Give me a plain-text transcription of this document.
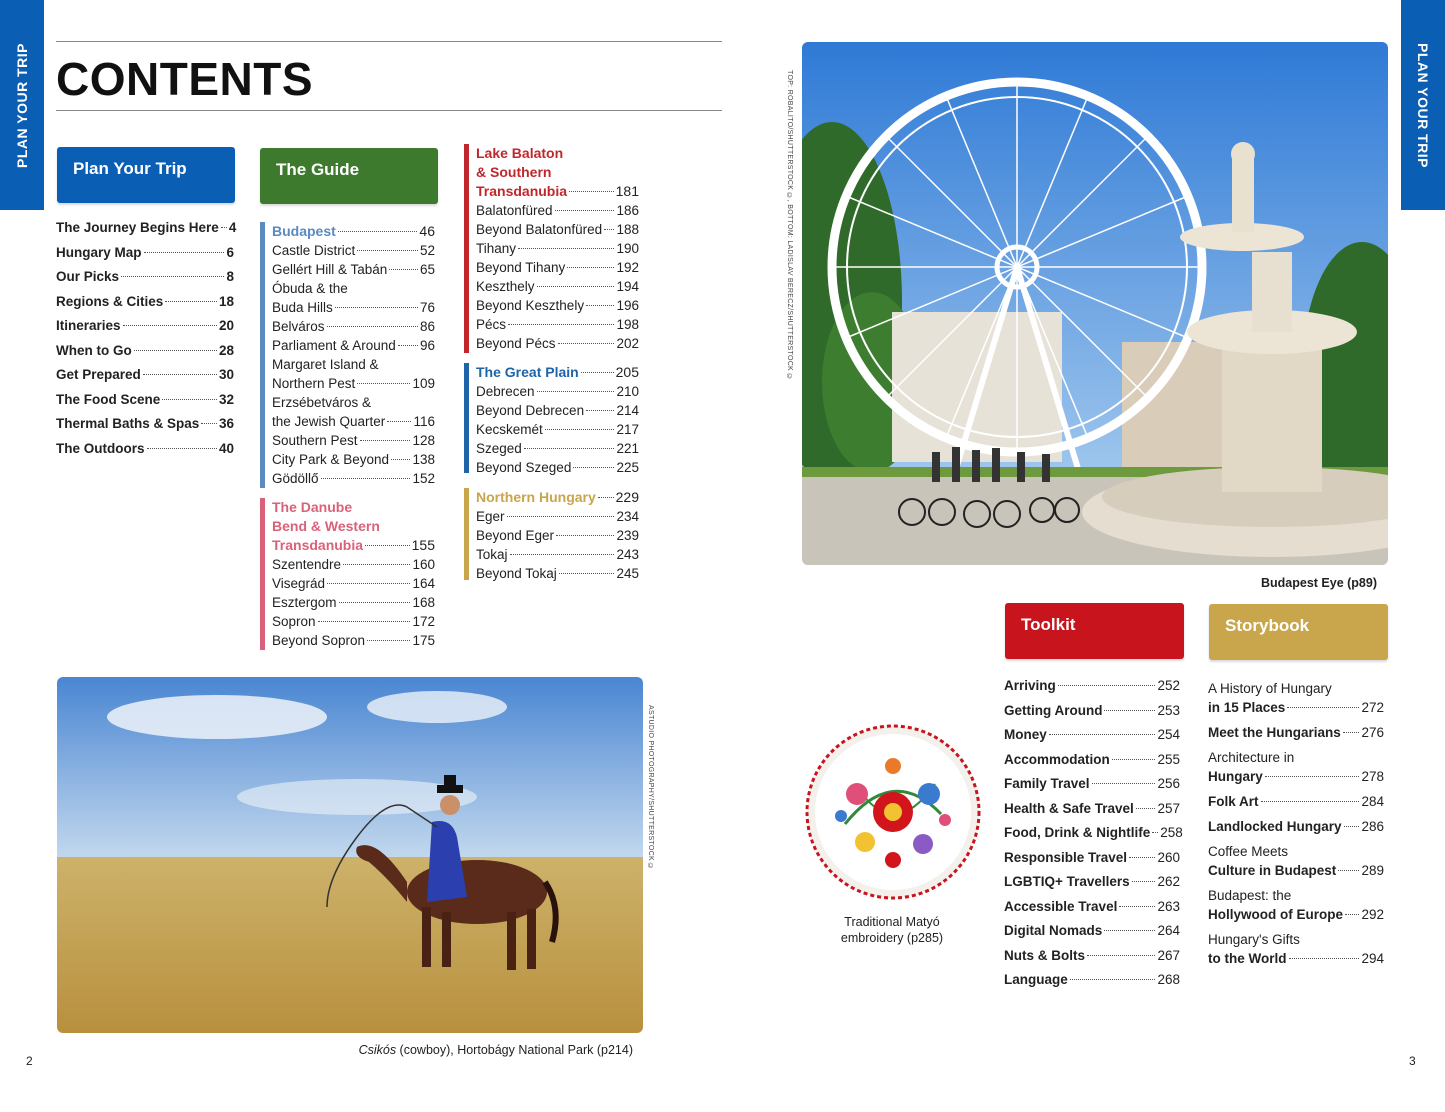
PLAN YOUR TRIP	PLAN YOUR TRIP
CONTENTS
Plan Your Trip
The Journey Begins Here 4
Hungary Map	6
Our Picks	8
Regions & Cities	18
Itineraries	20
When to Go	28
Get Prepared	30
The Food Scene	32
Thermal Baths & Spas 36
The Outdoors	40
The Guide
Budapest	46
Castle District	52
Gellért Hill & Tabán 65
Óbuda & the
Buda Hills	76
Belváros	86
Parliament & Around 96
Margaret Island &
Northern Pest	109
Erzsébetváros &
the Jewish Quarter 116
Southern Pest	128
City Park & Beyond 138
Gödöllő	152
The Danube
Bend & Western
Transdanubia	155
Szentendre	160
Visegrád	164
Esztergom	168
Sopron	172
Beyond Sopron	175
Lake Balaton
& Southern
Transdanubia	181
Balatonfüred	186
Beyond Balatonfüred 188
Tihany	190
Beyond Tihany	192
Keszthely	194
Beyond Keszthely 196
Pécs	198
Beyond Pécs	202
The Great Plain	205
Debrecen	210
Beyond Debrecen 214
Kecskemét	217
Szeged	221
Beyond Szeged	225
Northern Hungary 229
Eger	234
Beyond Eger	239
Tokaj	243
Beyond Tokaj	245
TOP: ROBALITO/SHUTTERSTOCK ©, BOTTOM: LADISLAV BERECZ/SHUTTERSTOCK ©
Budapest Eye (p89)
Toolkit
Arriving	252
Getting Around	253
Money	254
Accommodation	255
Family Travel	256
Health & Safe Travel 257
Food, Drink & Nightlife 258
Responsible Travel 260
LGBTIQ+ Travellers 262
Accessible Travel	263
Digital Nomads	264
Nuts & Bolts	267
Language	268
Storybook
A History of Hungary
in 15 Places	272
Meet the Hungarians 276
Architecture in
Hungary	278
Folk Art	284
Landlocked Hungary 286
Coffee Meets
Culture in Budapest 289
Budapest: the
Hollywood of Europe 292
Hungary's Gifts
to the World	294
Traditional Matyó
embroidery (p285)
ASTUDIO PHOTOGRAPHY/SHUTTERSTOCK ©
Csikós (cowboy), Hortobágy National Park (p214)
2	3
